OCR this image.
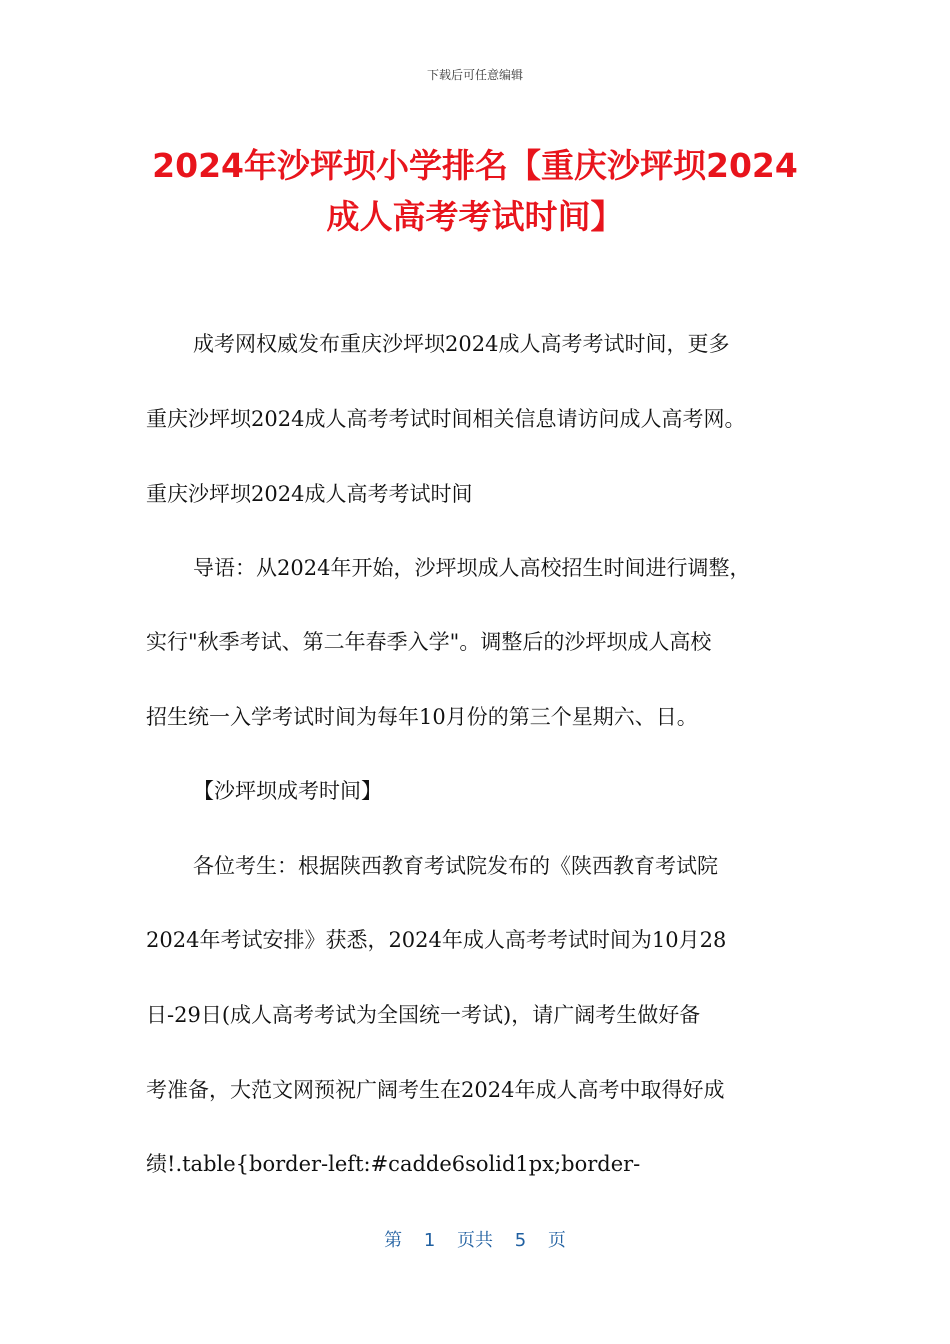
下载后可任意编辑
2024年沙坪坝小学排名【重庆沙坪坝2024
成人高考考试时间】
成考网权威发布重庆沙坪坝2024成人高考考试时间，更多
重庆沙坪坝2024成人高考考试时间相关信息请访问成人高考网。
重庆沙坪坝2024成人高考考试时间
导语：从2024年开始，沙坪坝成人高校招生时间进行调整，
实行"秋季考试、第二年春季入学"。调整后的沙坪坝成人高校
招生统一入学考试时间为每年10月份的第三个星期六、日。
【沙坪坝成考时间】
各位考生：根据陕西教育考试院发布的《陕西教育考试院
2024年考试安排》获悉，2024年成人高考考试时间为10月28
日-29日(成人高考考试为全国统一考试)，请广阔考生做好备
考准备，大范文网预祝广阔考生在2024年成人高考中取得好成
绩!.table{border-left:#cadde6solid1px;border-
第 1 页共 5 页
